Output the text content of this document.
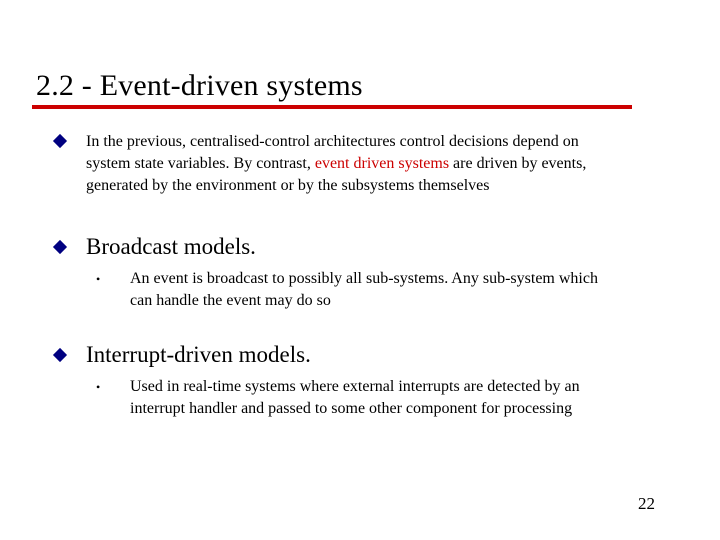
2.2 - Event-driven systems
In the previous, centralised-control architectures control decisions depend on
system state variables. By contrast, event driven systems are driven by events,
generated by the environment or by the subsystems themselves
Broadcast models.
• An event is broadcast to possibly all sub-systems. Any sub-system which
can handle the event may do so
Interrupt-driven models.
• Used in real-time systems where external interrupts are detected by an
interrupt handler and passed to some other component for processing
22
